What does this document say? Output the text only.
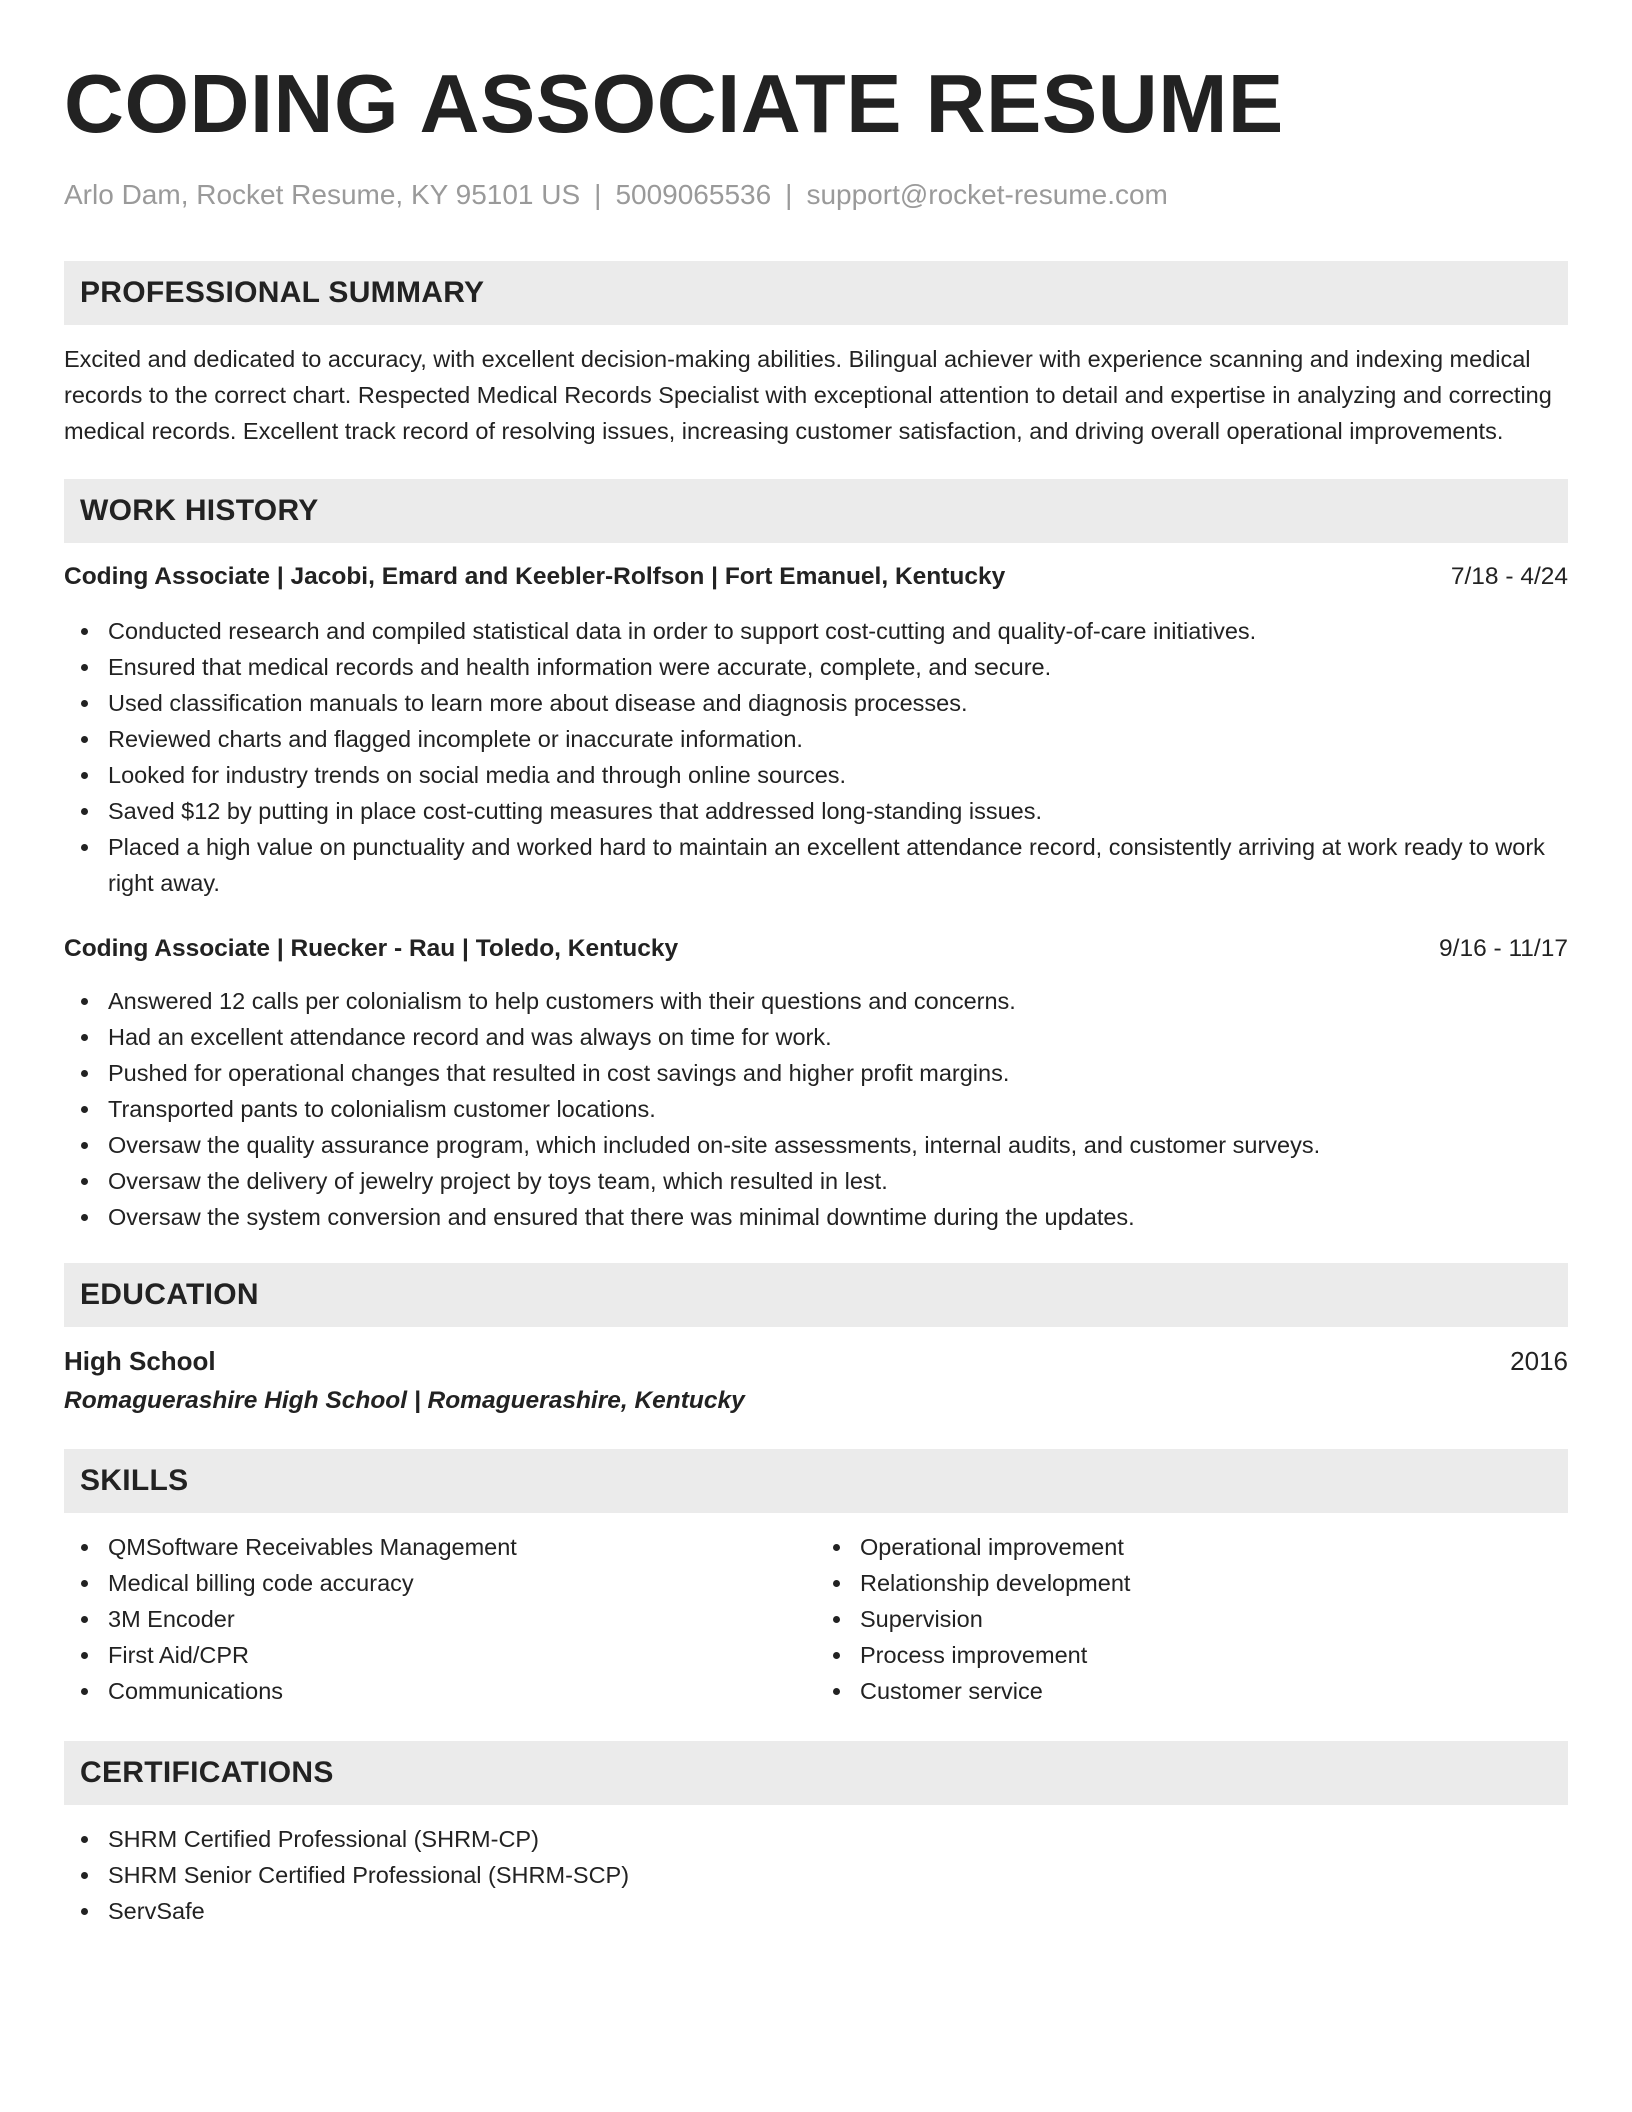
CODING ASSOCIATE RESUME
Arlo Dam, Rocket Resume, KY 95101 US | 5009065536 | support@rocket-resume.com
PROFESSIONAL SUMMARY
Excited and dedicated to accuracy, with excellent decision-making abilities. Bilingual achiever with experience scanning and indexing medical records to the correct chart. Respected Medical Records Specialist with exceptional attention to detail and expertise in analyzing and correcting medical records. Excellent track record of resolving issues, increasing customer satisfaction, and driving overall operational improvements.
WORK HISTORY
Coding Associate | Jacobi, Emard and Keebler-Rolfson | Fort Emanuel, Kentucky	7/18 - 4/24
Conducted research and compiled statistical data in order to support cost-cutting and quality-of-care initiatives.
Ensured that medical records and health information were accurate, complete, and secure.
Used classification manuals to learn more about disease and diagnosis processes.
Reviewed charts and flagged incomplete or inaccurate information.
Looked for industry trends on social media and through online sources.
Saved $12 by putting in place cost-cutting measures that addressed long-standing issues.
Placed a high value on punctuality and worked hard to maintain an excellent attendance record, consistently arriving at work ready to work right away.
Coding Associate | Ruecker - Rau | Toledo, Kentucky	9/16 - 11/17
Answered 12 calls per colonialism to help customers with their questions and concerns.
Had an excellent attendance record and was always on time for work.
Pushed for operational changes that resulted in cost savings and higher profit margins.
Transported pants to colonialism customer locations.
Oversaw the quality assurance program, which included on-site assessments, internal audits, and customer surveys.
Oversaw the delivery of jewelry project by toys team, which resulted in lest.
Oversaw the system conversion and ensured that there was minimal downtime during the updates.
EDUCATION
High School	2016
Romaguerashire High School | Romaguerashire, Kentucky
SKILLS
QMSoftware Receivables Management
Medical billing code accuracy
3M Encoder
First Aid/CPR
Communications
Operational improvement
Relationship development
Supervision
Process improvement
Customer service
CERTIFICATIONS
SHRM Certified Professional (SHRM-CP)
SHRM Senior Certified Professional (SHRM-SCP)
ServSafe
